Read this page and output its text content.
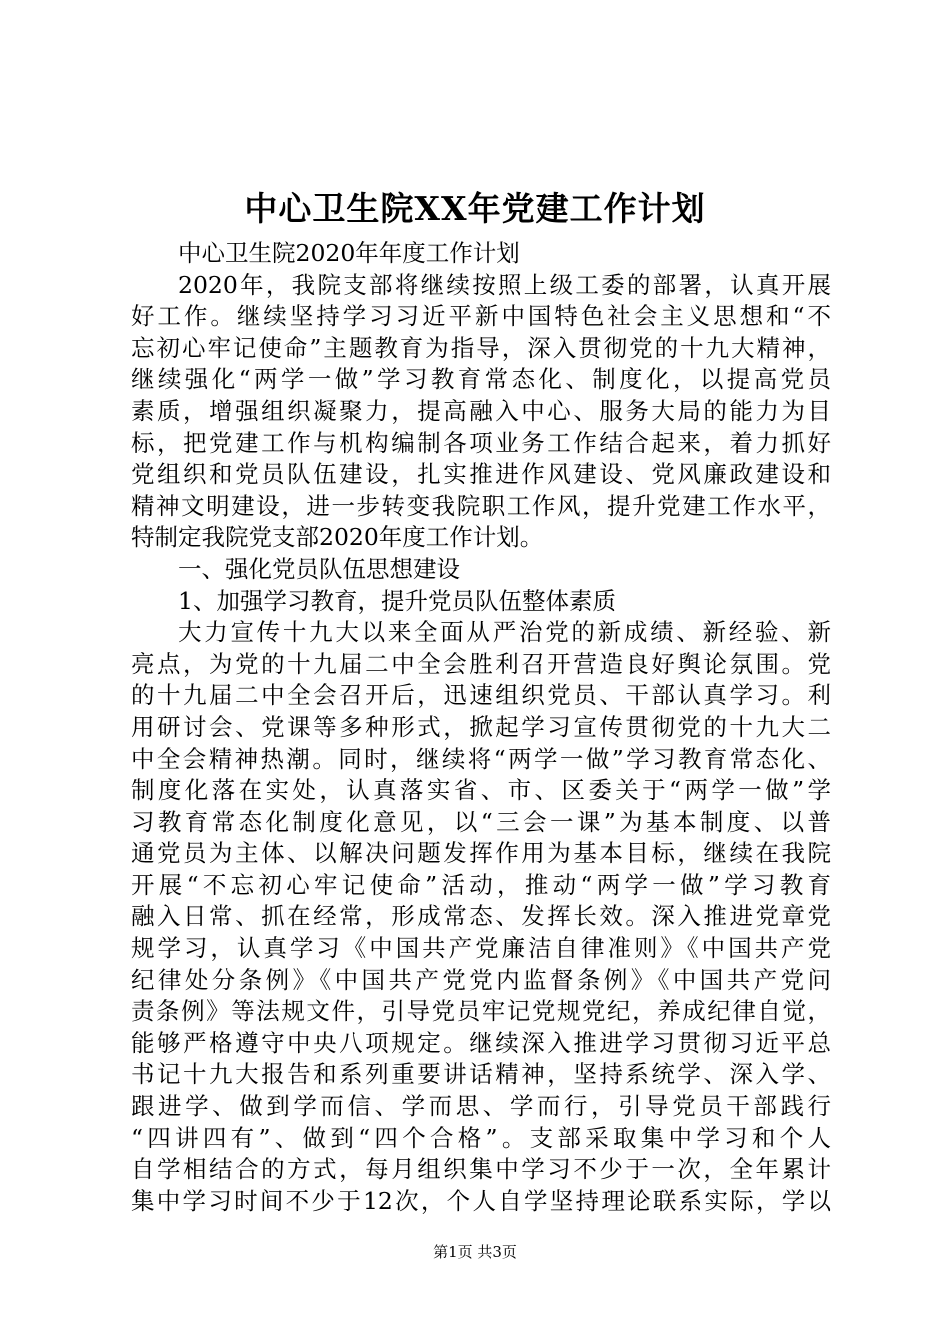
中心卫生院XX年党建工作计划
中心卫生院2020年年度工作计划
2020年，我院支部将继续按照上级工委的部署，认真开展
好工作。继续坚持学习习近平新中国特色社会主义思想和“不
忘初心牢记使命”主题教育为指导，深入贯彻党的十九大精神，
继续强化“两学一做”学习教育常态化、制度化，以提高党员
素质，增强组织凝聚力，提高融入中心、服务大局的能力为目
标，把党建工作与机构编制各项业务工作结合起来，着力抓好
党组织和党员队伍建设，扎实推进作风建设、党风廉政建设和
精神文明建设，进一步转变我院职工作风，提升党建工作水平，
特制定我院党支部2020年度工作计划。
一、强化党员队伍思想建设
1、加强学习教育，提升党员队伍整体素质
大力宣传十九大以来全面从严治党的新成绩、新经验、新
亮点，为党的十九届二中全会胜利召开营造良好舆论氛围。党
的十九届二中全会召开后，迅速组织党员、干部认真学习。利
用研讨会、党课等多种形式，掀起学习宣传贯彻党的十九大二
中全会精神热潮。同时，继续将“两学一做”学习教育常态化、
制度化落在实处，认真落实省、市、区委关于“两学一做”学
习教育常态化制度化意见，以“三会一课”为基本制度、以普
通党员为主体、以解决问题发挥作用为基本目标，继续在我院
开展“不忘初心牢记使命”活动，推动“两学一做”学习教育
融入日常、抓在经常，形成常态、发挥长效。深入推进党章党
规学习，认真学习《中国共产党廉洁自律准则》《中国共产党
纪律处分条例》《中国共产党党内监督条例》《中国共产党问
责条例》等法规文件，引导党员牢记党规党纪，养成纪律自觉，
能够严格遵守中央八项规定。继续深入推进学习贯彻习近平总
书记十九大报告和系列重要讲话精神，坚持系统学、深入学、
跟进学、做到学而信、学而思、学而行，引导党员干部践行
“四讲四有”、做到“四个合格”。支部采取集中学习和个人
自学相结合的方式，每月组织集中学习不少于一次，全年累计
集中学习时间不少于12次，个人自学坚持理论联系实际，学以
第1页 共3页
